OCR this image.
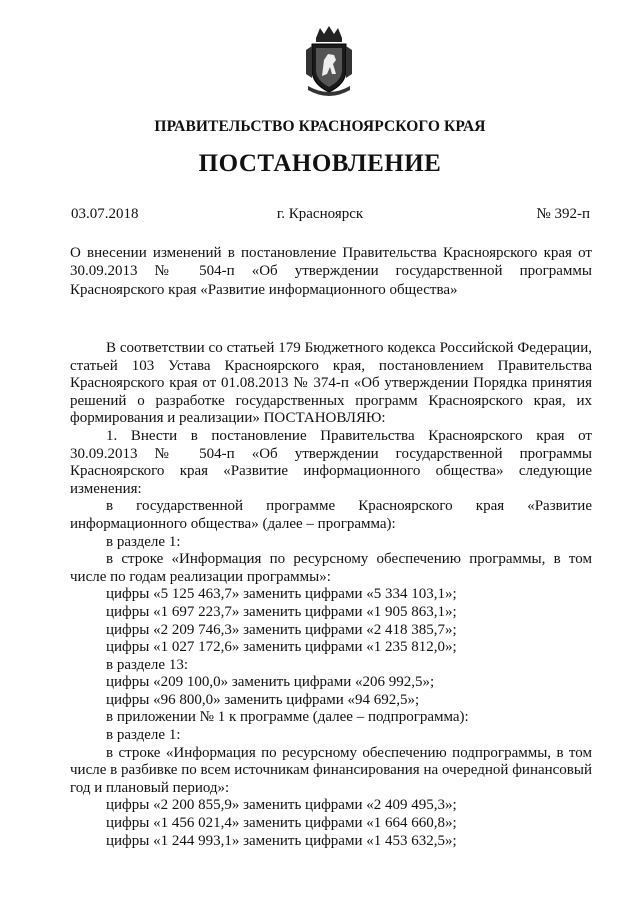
ПРАВИТЕЛЬСТВО КРАСНОЯРСКОГО КРАЯ
ПОСТАНОВЛЕНИЕ
03.07.2018	г. Красноярск	№ 392-п
О внесении изменений в постановление Правительства Красноярского края от 30.09.2013 № 504-п «Об утверждении государственной программы Красноярского края «Развитие информационного общества»

В соответствии со статьей 179 Бюджетного кодекса Российской Федерации, статьей 103 Устава Красноярского края, постановлением Правительства Красноярского края от 01.08.2013 № 374-п «Об утверждении Порядка принятия решений о разработке государственных программ Красноярского края, их формирования и реализации» ПОСТАНОВЛЯЮ:

1. Внести в постановление Правительства Красноярского края от 30.09.2013 № 504-п «Об утверждении государственной программы Красноярского края «Развитие информационного общества» следующие изменения:

в государственной программе Красноярского края «Развитие информационного общества» (далее – программа):

в разделе 1:

в строке «Информация по ресурсному обеспечению программы, в том числе по годам реализации программы»:

цифры «5 125 463,7» заменить цифрами «5 334 103,1»;

цифры «1 697 223,7» заменить цифрами «1 905 863,1»;

цифры «2 209 746,3» заменить цифрами «2 418 385,7»;

цифры «1 027 172,6» заменить цифрами «1 235 812,0»;

в разделе 13:

цифры «209 100,0» заменить цифрами «206 992,5»;

цифры «96 800,0» заменить цифрами «94 692,5»;

в приложении № 1 к программе (далее – подпрограмма):

в разделе 1:

в строке «Информация по ресурсному обеспечению подпрограммы, в том числе в разбивке по всем источникам финансирования на очередной финансовый год и плановый период»:

цифры «2 200 855,9» заменить цифрами «2 409 495,3»;

цифры «1 456 021,4» заменить цифрами «1 664 660,8»;

цифры «1 244 993,1» заменить цифрами «1 453 632,5»;
